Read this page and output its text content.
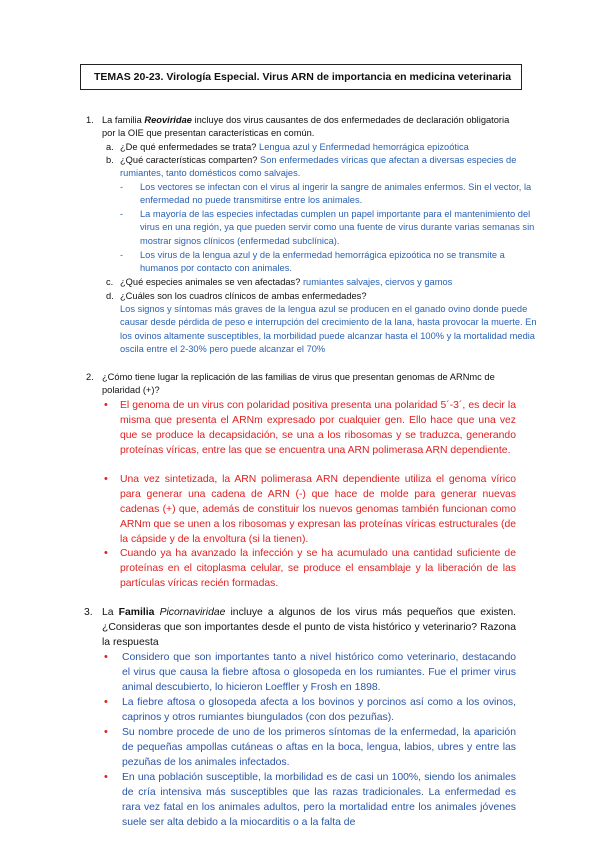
TEMAS 20-23. Virología Especial. Virus ARN de importancia en medicina veterinaria
1. La familia Reoviridae incluye dos virus causantes de dos enfermedades de declaración obligatoria por la OIE que presentan características en común.
a. ¿De qué enfermedades se trata? Lengua azul y Enfermedad hemorrágica epizoótica
b. ¿Qué características comparten? Son enfermedades víricas que afectan a diversas especies de rumiantes, tanto domésticos como salvajes.
- Los vectores se infectan con el virus al ingerir la sangre de animales enfermos. Sin el vector, la enfermedad no puede transmitirse entre los animales.
- La mayoría de las especies infectadas cumplen un papel importante para el mantenimiento del virus en una región, ya que pueden servir como una fuente de virus durante varias semanas sin mostrar signos clínicos (enfermedad subclínica).
- Los virus de la lengua azul y de la enfermedad hemorrágica epizoótica no se transmite a humanos por contacto con animales.
c. ¿Qué especies animales se ven afectadas? rumiantes salvajes, ciervos y gamos
d. ¿Cuáles son los cuadros clínicos de ambas enfermedades?
Los signos y síntomas más graves de la lengua azul se producen en el ganado ovino donde puede causar desde pérdida de peso e interrupción del crecimiento de la lana, hasta provocar la muerte. En los ovinos altamente susceptibles, la morbilidad puede alcanzar hasta el 100% y la mortalidad media oscila entre el 2-30% pero puede alcanzar el 70%
2. ¿Cómo tiene lugar la replicación de las familias de virus que presentan genomas de ARNmc de polaridad (+)?
• El genoma de un virus con polaridad positiva presenta una polaridad 5´-3´, es decir la misma que presenta el ARNm expresado por cualquier gen. Ello hace que una vez que se produce la decapsidación, se una a los ribosomas y se traduzca, generando proteínas víricas, entre las que se encuentra una ARN polimerasa ARN dependiente.
• Una vez sintetizada, la ARN polimerasa ARN dependiente utiliza el genoma vírico para generar una cadena de ARN (-) que hace de molde para generar nuevas cadenas (+) que, además de constituir los nuevos genomas también funcionan como ARNm que se unen a los ribosomas y expresan las proteínas víricas estructurales (de la cápside y de la envoltura (si la tienen).
• Cuando ya ha avanzado la infección y se ha acumulado una cantidad suficiente de proteínas en el citoplasma celular, se produce el ensamblaje y la liberación de las partículas víricas recién formadas.
3. La Familia Picornaviridae incluye a algunos de los virus más pequeños que existen. ¿Consideras que son importantes desde el punto de vista histórico y veterinario? Razona la respuesta
• Considero que son importantes tanto a nivel histórico como veterinario, destacando el virus que causa la fiebre aftosa o glosopeda en los rumiantes. Fue el primer virus animal descubierto, lo hicieron Loeffler y Frosh en 1898.
• La fiebre aftosa o glosopeda afecta a los bovinos y porcinos así como a los ovinos, caprinos y otros rumiantes biungulados (con dos pezuñas).
• Su nombre procede de uno de los primeros síntomas de la enfermedad, la aparición de pequeñas ampollas cutáneas o aftas en la boca, lengua, labios, ubres y entre las pezuñas de los animales infectados.
• En una población susceptible, la morbilidad es de casi un 100%, siendo los animales de cría intensiva más susceptibles que las razas tradicionales. La enfermedad es rara vez fatal en los animales adultos, pero la mortalidad entre los animales jóvenes suele ser alta debido a la miocarditis o a la falta de
